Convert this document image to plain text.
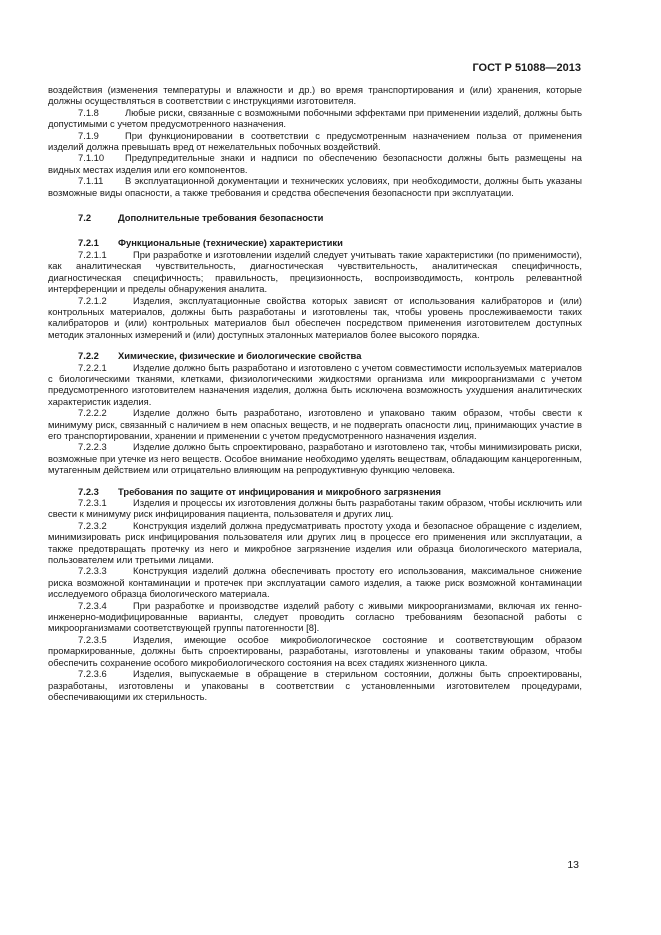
ГОСТ Р 51088—2013

воздействия (изменения температуры и влажности и др.) во время транспортирования и (или) хранения, которые должны осуществляться в соответствии с инструкциями изготовителя.

7.1.8	Любые риски, связанные с возможными побочными эффектами при применении изделий, должны быть допустимыми с учетом предусмотренного назначения.

7.1.9	При функционировании в соответствии с предусмотренным назначением польза от применения изделий должна превышать вред от нежелательных побочных воздействий.

7.1.10 Предупредительные знаки и надписи по обеспечению безопасности должны быть размещены на видных местах изделия или его компонентов.

7.1.11 В эксплуатационной документации и технических условиях, при необходимости, должны быть указаны возможные виды опасности, а также требования и средства обеспечения безопасности при эксплуатации.

7.2	Дополнительные требования безопасности

7.2.1 Функциональные (технические) характеристики

7.2.1.1	При разработке и изготовлении изделий следует учитывать такие характеристики (по применимости), как аналитическая чувствительность, диагностическая чувствительность, аналитическая специфичность, диагностическая специфичность; правильность, прецизионность, воспроизводимость, контроль релевантной интерференции и пределы обнаружения аналита.

7.2.1.2	Изделия, эксплуатационные свойства которых зависят от использования калибраторов и (или) контрольных материалов, должны быть разработаны и изготовлены так, чтобы уровень прослеживаемости таких калибраторов и (или) контрольных материалов был обеспечен посредством применения изготовителем доступных методик эталонных измерений и (или) доступных эталонных материалов более высокого порядка.

7.2.2 Химические, физические и биологические свойства

7.2.2.1	Изделие должно быть разработано и изготовлено с учетом совместимости используемых материалов с биологическими тканями, клетками, физиологическими жидкостями организма или микроорганизмами с учетом предусмотренного изготовителем назначения изделия, должна быть исключена возможность ухудшения аналитических характеристик изделия.

7.2.2.2	Изделие должно быть разработано, изготовлено и упаковано таким образом, чтобы свести к минимуму риск, связанный с наличием в нем опасных веществ, и не подвергать опасности лиц, принимающих участие в его транспортировании, хранении и применении с учетом предусмотренного назначения изделия.

7.2.2.3	Изделие должно быть спроектировано, разработано и изготовлено так, чтобы минимизировать риски, возможные при утечке из него веществ. Особое внимание необходимо уделять веществам, обладающим канцерогенным, мутагенным действием или отрицательно влияющим на репродуктивную функцию человека.

7.2.3 Требования по защите от инфицирования и микробного загрязнения

7.2.3.1	Изделия и процессы их изготовления должны быть разработаны таким образом, чтобы исключить или свести к минимуму риск инфицирования пациента, пользователя и других лиц.

7.2.3.2	Конструкция изделий должна предусматривать простоту ухода и безопасное обращение с изделием, минимизировать риск инфицирования пользователя или других лиц в процессе его применения или эксплуатации, а также предотвращать протечку из него и микробное загрязнение изделия или образца биологического материала, пользователем или третьими лицами.

7.2.3.3	Конструкция изделий должна обеспечивать простоту его использования, максимальное снижение риска возможной контаминации и протечек при эксплуатации самого изделия, а также риск возможной контаминации исследуемого образца биологического материала.

7.2.3.4	При разработке и производстве изделий работу с живыми микроорганизмами, включая их генно-инженерно-модифицированные варианты, следует проводить согласно требованиям безопасной работы с микроорганизмами соответствующей группы патогенности [8].

7.2.3.5	Изделия, имеющие особое микробиологическое состояние и соответствующим образом промаркированные, должны быть спроектированы, разработаны, изготовлены и упакованы таким образом, чтобы обеспечить сохранение особого микробиологического состояния на всех стадиях жизненного цикла.

7.2.3.6	Изделия, выпускаемые в обращение в стерильном состоянии, должны быть спроектированы, разработаны, изготовлены и упакованы в соответствии с установленными изготовителем процедурами, обеспечивающими их стерильность.

13
